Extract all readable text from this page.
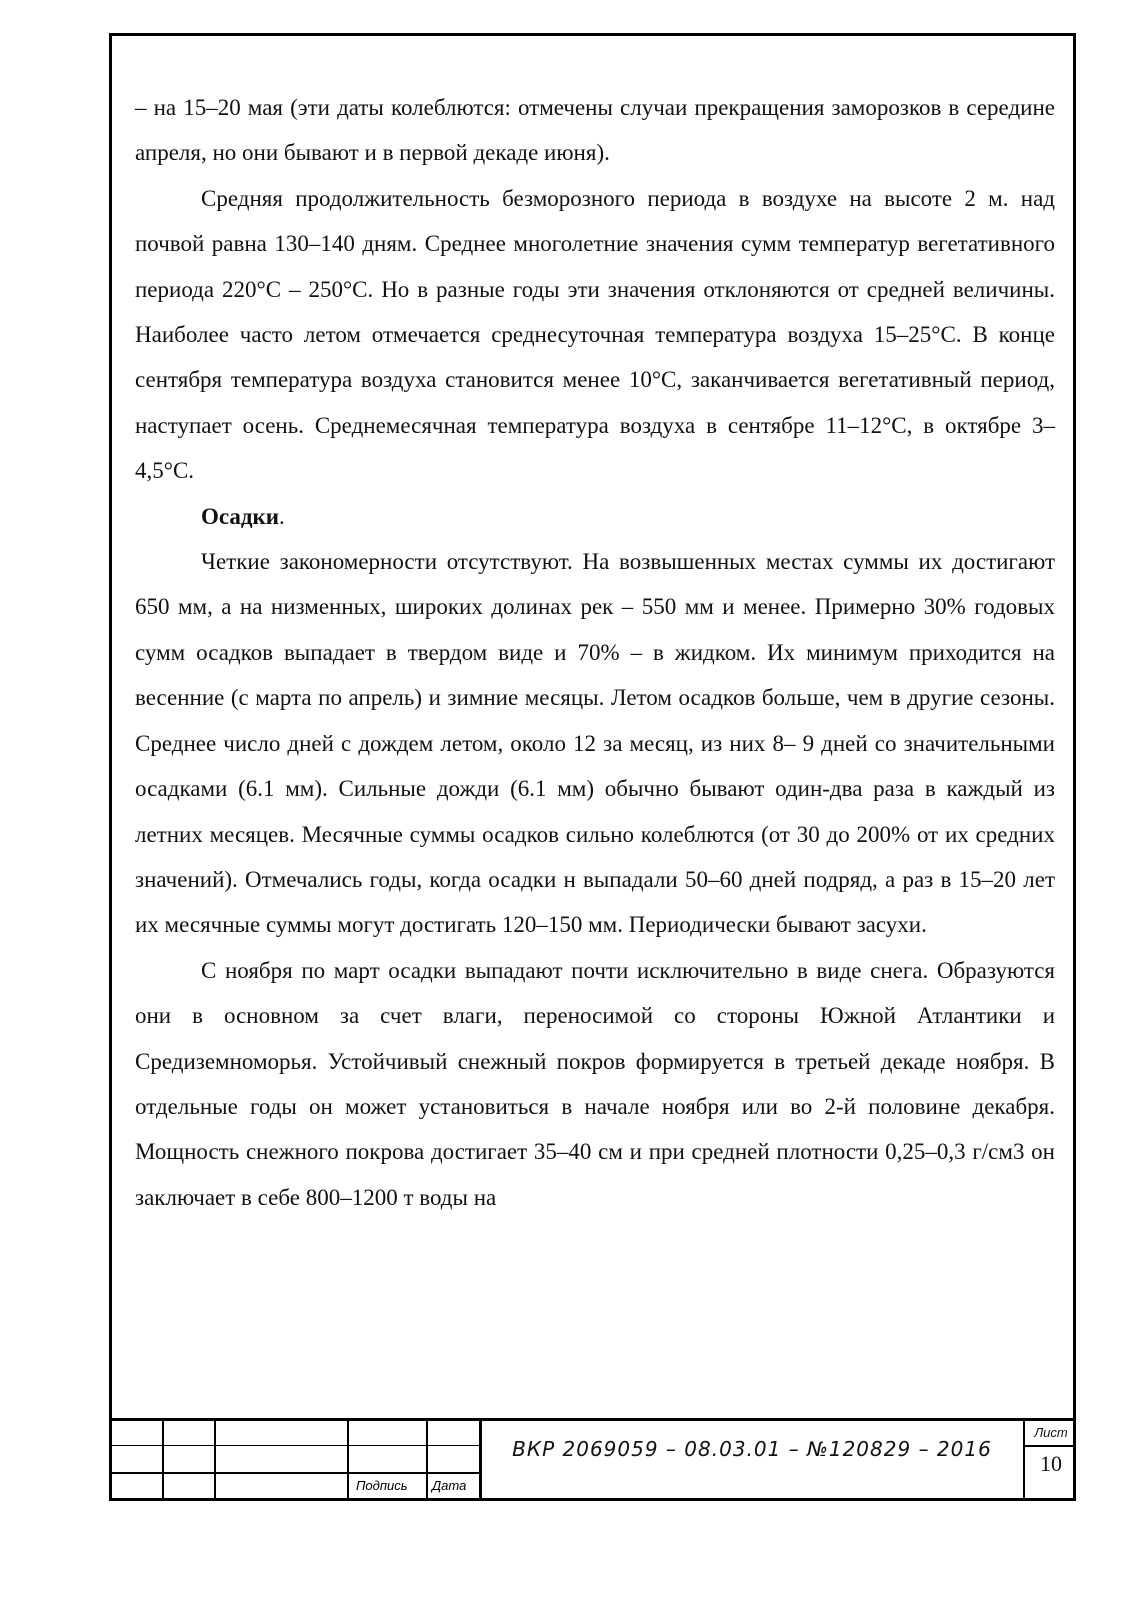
– на 15–20 мая (эти даты колеблются: отмечены случаи прекращения заморозков в середине апреля, но они бывают и в первой декаде июня).

Средняя продолжительность безморозного периода в воздухе на высоте 2 м. над почвой равна 130–140 дням. Среднее многолетние значения сумм температур вегетативного периода 220°С – 250°С. Но в разные годы эти значения отклоняются от средней величины. Наиболее часто летом отмечается среднесуточная температура воздуха 15–25°С. В конце сентября температура воздуха становится менее 10°С, заканчивается вегетативный период, наступает осень. Среднемесячная температура воздуха в сентябре 11–12°С, в октябре 3–4,5°С.

Осадки.

Четкие закономерности отсутствуют. На возвышенных местах суммы их достигают 650 мм, а на низменных, широких долинах рек – 550 мм и менее. Примерно 30% годовых сумм осадков выпадает в твердом виде и 70% – в жидком. Их минимум приходится на весенние (с марта по апрель) и зимние месяцы. Летом осадков больше, чем в другие сезоны. Среднее число дней с дождем летом, около 12 за месяц, из них 8– 9 дней со значительными осадками (6.1 мм). Сильные дожди (6.1 мм) обычно бывают один-два раза в каждый из летних месяцев. Месячные суммы осадков сильно колеблются (от 30 до 200% от их средних значений). Отмечались годы, когда осадки н выпадали 50–60 дней подряд, а раз в 15–20 лет их месячные суммы могут достигать 120–150 мм. Периодически бывают засухи.

С ноября по март осадки выпадают почти исключительно в виде снега. Образуются они в основном за счет влаги, переносимой со стороны Южной Атлантики и Средиземноморья. Устойчивый снежный покров формируется в третьей декаде ноября. В отдельные годы он может установиться в начале ноября или во 2-й половине декабря. Мощность снежного покрова достигает 35–40 см и при средней плотности 0,25–0,3 г/см3 он заключает в себе 800–1200 т воды на

Подпись Дата
ВКР 2069059 – 08.03.01 – №120829 – 2016
Лист
10
